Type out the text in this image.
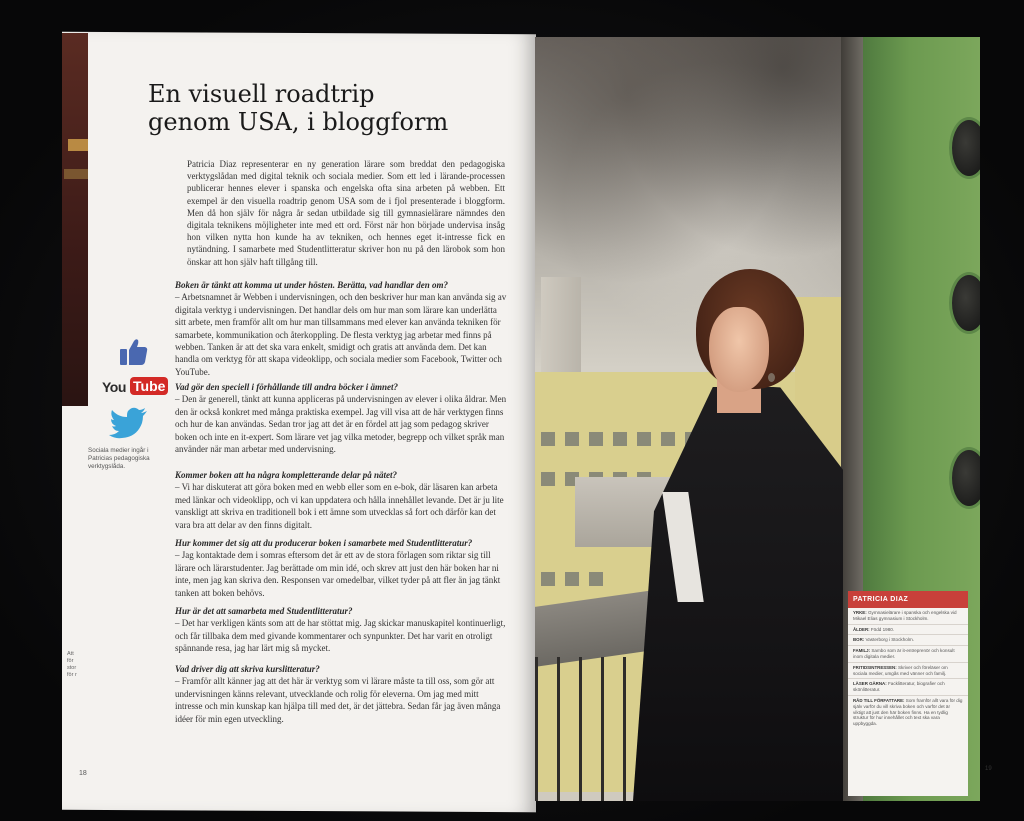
En visuell roadtrip
genom USA, i bloggform
Patricia Diaz representerar en ny generation lärare som breddat den pedagogiska verktygslådan med digital teknik och sociala medier. Som ett led i lärande-processen publicerar hennes elever i spanska och engelska ofta sina arbeten på webben. Ett exempel är den visuella roadtrip genom USA som de i fjol presenterade i bloggform. Men då hon själv för några år sedan utbildade sig till gymnasielärare nämndes den digitala teknikens möjligheter inte med ett ord. Först när hon började undervisa insåg hon vilken nytta hon kunde ha av tekniken, och hennes eget it-intresse fick en nytändning. I samarbete med Studentlitteratur skriver hon nu på den lärobok som hon önskar att hon själv haft tillgång till.
Boken är tänkt att komma ut under hösten. Berätta, vad handlar den om?
– Arbetsnamnet är Webben i undervisningen, och den beskriver hur man kan använda sig av digitala verktyg i undervisningen. Det handlar dels om hur man som lärare kan underlätta sitt arbete, men framför allt om hur man tillsammans med elever kan använda tekniken för samarbete, kommunikation och återkoppling. De flesta verktyg jag arbetar med finns på webben. Tanken är att det ska vara enkelt, smidigt och gratis att använda dem. Det kan handla om verktyg för att skapa videoklipp, och sociala medier som Facebook, Twitter och YouTube.
Vad gör den speciell i förhållande till andra böcker i ämnet?
– Den är generell, tänkt att kunna appliceras på undervisningen av elever i olika åldrar. Men den är också konkret med många praktiska exempel. Jag vill visa att de här verktygen finns och hur de kan användas. Sedan tror jag att det är en fördel att jag som pedagog skriver boken och inte en it-expert. Som lärare vet jag vilka metoder, begrepp och vilket språk man använder när man arbetar med undervisning.
Kommer boken att ha några kompletterande delar på nätet?
– Vi har diskuterat att göra boken med en webb eller som en e-bok, där läsaren kan arbeta med länkar och videoklipp, och vi kan uppdatera och hålla innehållet levande. Det är ju lite vanskligt att skriva en traditionell bok i ett ämne som utvecklas så fort och därför kan det vara bra att delar av den finns digitalt.
Hur kommer det sig att du producerar boken i samarbete med Studentlitteratur?
– Jag kontaktade dem i somras eftersom det är ett av de stora förlagen som riktar sig till lärare och lärarstudenter. Jag berättade om min idé, och skrev att just den här boken har ni inte, men jag kan skriva den. Responsen var omedelbar, vilket tyder på att fler än jag tänkt tanken att boken behövs.
Hur är det att samarbeta med Studentlitteratur?
– Det har verkligen känts som att de har stöttat mig. Jag skickar manuskapitel kontinuerligt, och får tillbaka dem med givande kommentarer och synpunkter. Det har varit en otroligt spännande resa, jag har lärt mig så mycket.
Vad driver dig att skriva kurslitteratur?
– Framför allt känner jag att det här är verktyg som vi lärare måste ta till oss, som gör att undervisningen känns relevant, utvecklande och rolig för eleverna. Om jag med mitt intresse och min kunskap kan hjälpa till med det, är det jättebra. Sedan får jag även många idéer för min egen utveckling.
You Tube
Sociala medier ingår i Patricias pedagogiska verktygslåda.
Att för stor för r
18
PATRICIA DIAZ
YRKE: Gymnasielärare i spanska och engelska vid Mikael Elias gymnasium i Stockholm.
ÅLDER: Född 1980.
BOR: Vasterborg i Stockholm.
FAMILJ: Sambo som är it-entreprenör och konsult inom digitala medier.
FRITIDSINTRESSEN: Skriver och föreläser om sociala medier, umgås med vänner och familj.
LÄSER GÄRNA: Facklitteratur, biografier och skönlitteratur.
RÅD TILL FÖRFATTARE: Som framför allt vara för dig själv varför du vill skriva boken och varför det är viktigt att just den här boken finns. Ha en tydlig struktur för hur innehållet och text ska vara uppbyggda.
19
